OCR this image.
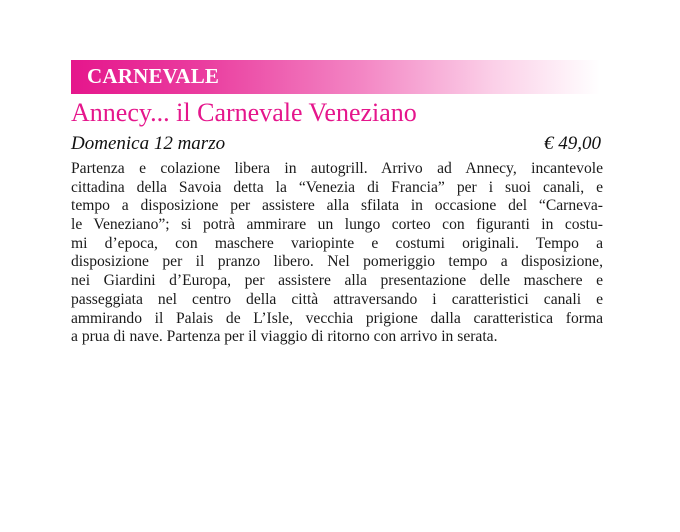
CARNEVALE
Annecy... il Carnevale Veneziano
Domenica 12 marzo	€ 49,00
Partenza e colazione libera in autogrill. Arrivo ad Annecy, incantevole
cittadina della Savoia detta la “Venezia di Francia” per i suoi canali, e
tempo a disposizione per assistere alla sfilata in occasione del “Carneva-
le Veneziano”; si potrà ammirare un lungo corteo con figuranti in costu-
mi d’epoca, con maschere variopinte e costumi originali. Tempo a
disposizione per il pranzo libero. Nel pomeriggio tempo a disposizione,
nei Giardini d’Europa, per assistere alla presentazione delle maschere e
passeggiata nel centro della città attraversando i caratteristici canali e
ammirando il Palais de L’Isle, vecchia prigione dalla caratteristica forma
a prua di nave. Partenza per il viaggio di ritorno con arrivo in serata.
